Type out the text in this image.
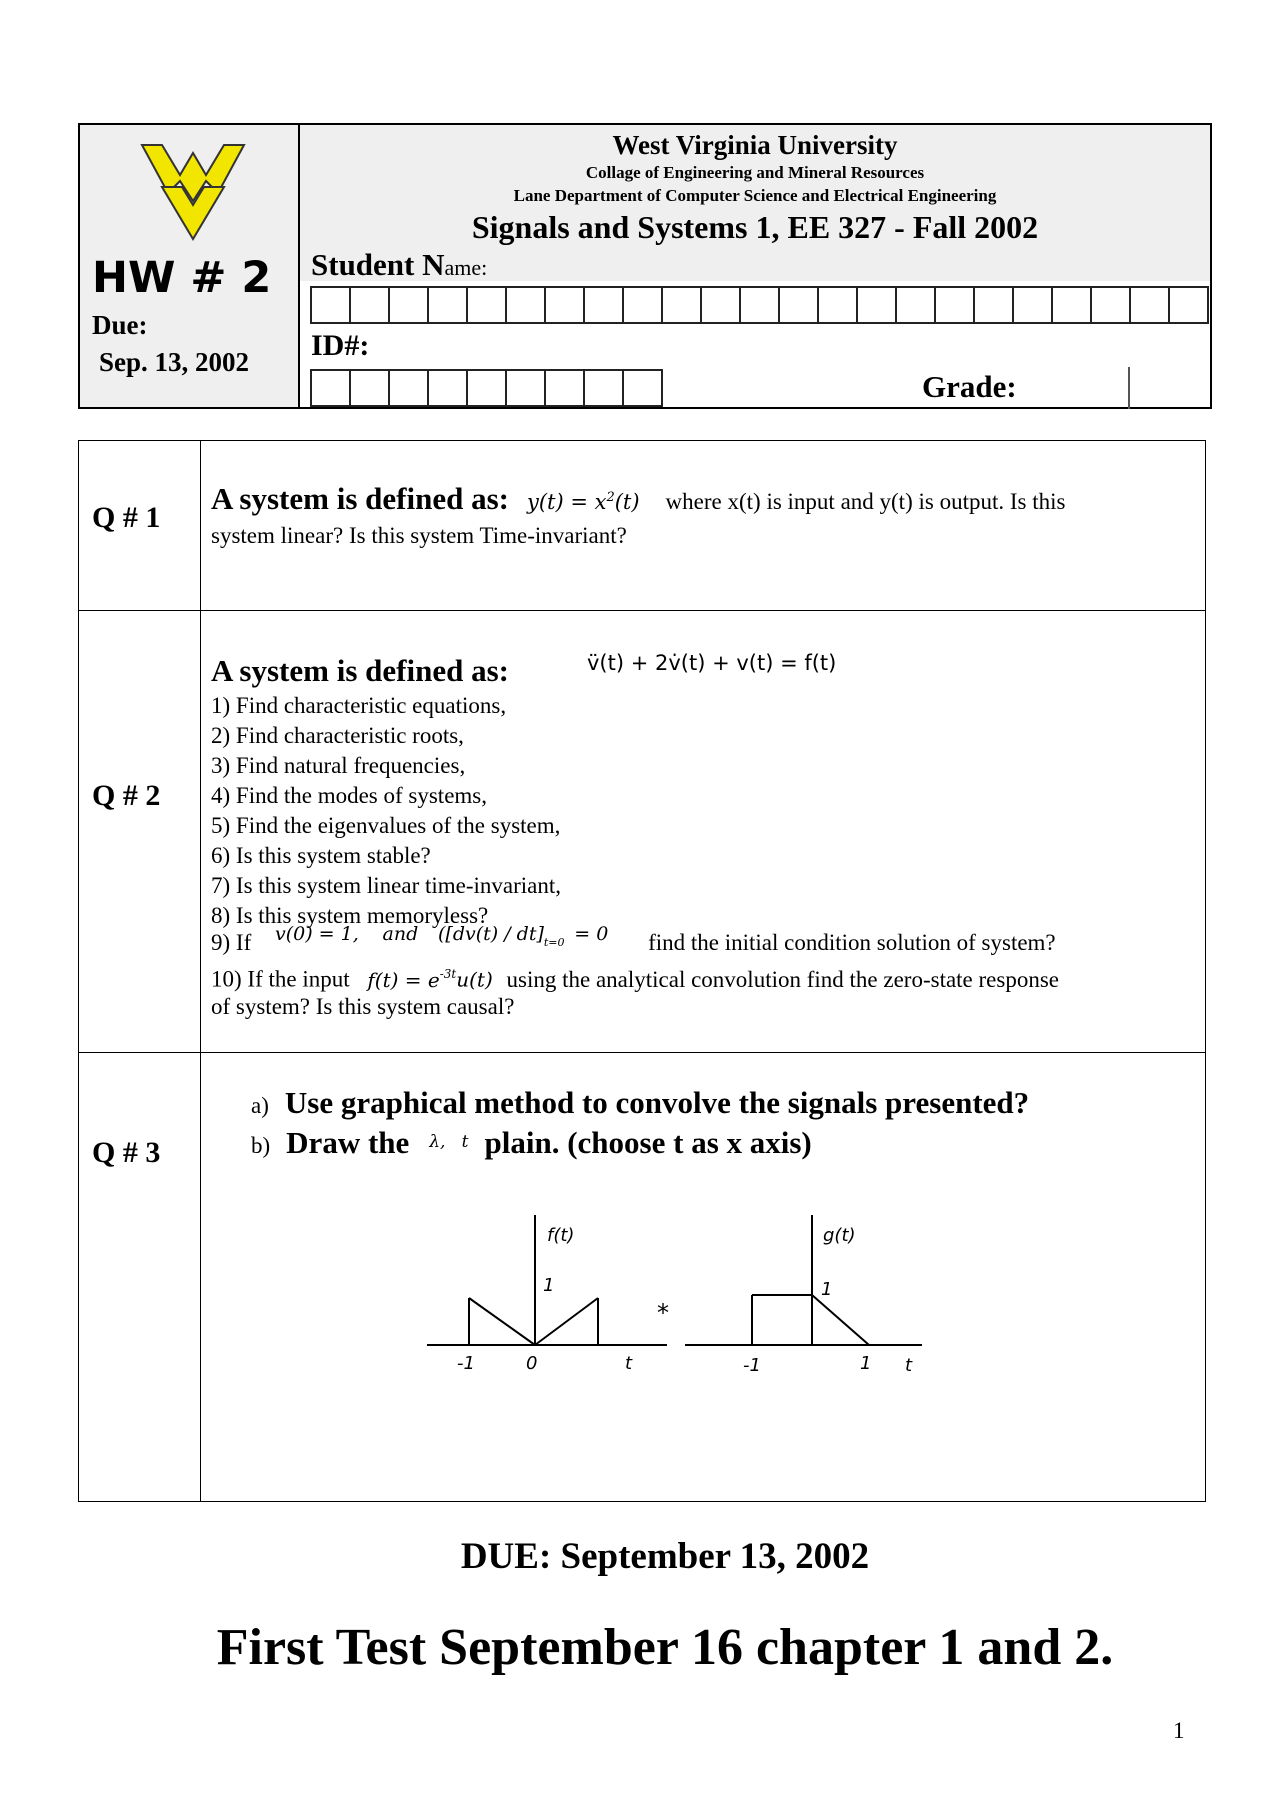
HW # 2
Due:
Sep. 13, 2002
West Virginia University
Collage of Engineering and Mineral Resources
Lane Department of Computer Science and Electrical Engineering
Signals and Systems 1, EE 327 - Fall 2002
Student Name:
ID#:
Grade:
Q # 1
A system is defined as: $y(t) = x^2(t)$ where x(t) is input and y(t) is output. Is this
system linear? Is this system Time-invariant?
Q # 2
A system is defined as:	v̈(t) + 2v̇(t) + v(t) = f(t)
1) Find characteristic equations,
2) Find characteristic roots,
3) Find natural frequencies,
4) Find the modes of systems,
5) Find the eigenvalues of the system,
6) Is this system stable?
7) Is this system linear time-invariant,
8) Is this system memoryless?
9) If $^{v(0) = 1,}$ $^{and}$ $^{([dv(t) / dt]}$t=0 $^{= 0}$ find the initial condition solution of system?
10) If the input $f(t) = e^{-3t}u(t)$ using the analytical convolution find the zero-state response
of system? Is this system causal?
Q # 3
a) Use graphical method to convolve the signals presented?
b) Draw the λ,   t plain. (choose t as x axis)
f(t)
1
-1	0	t
g(t)
1
-1	1 t
*
DUE: September 13, 2002
First Test September 16 chapter 1 and 2.
1
